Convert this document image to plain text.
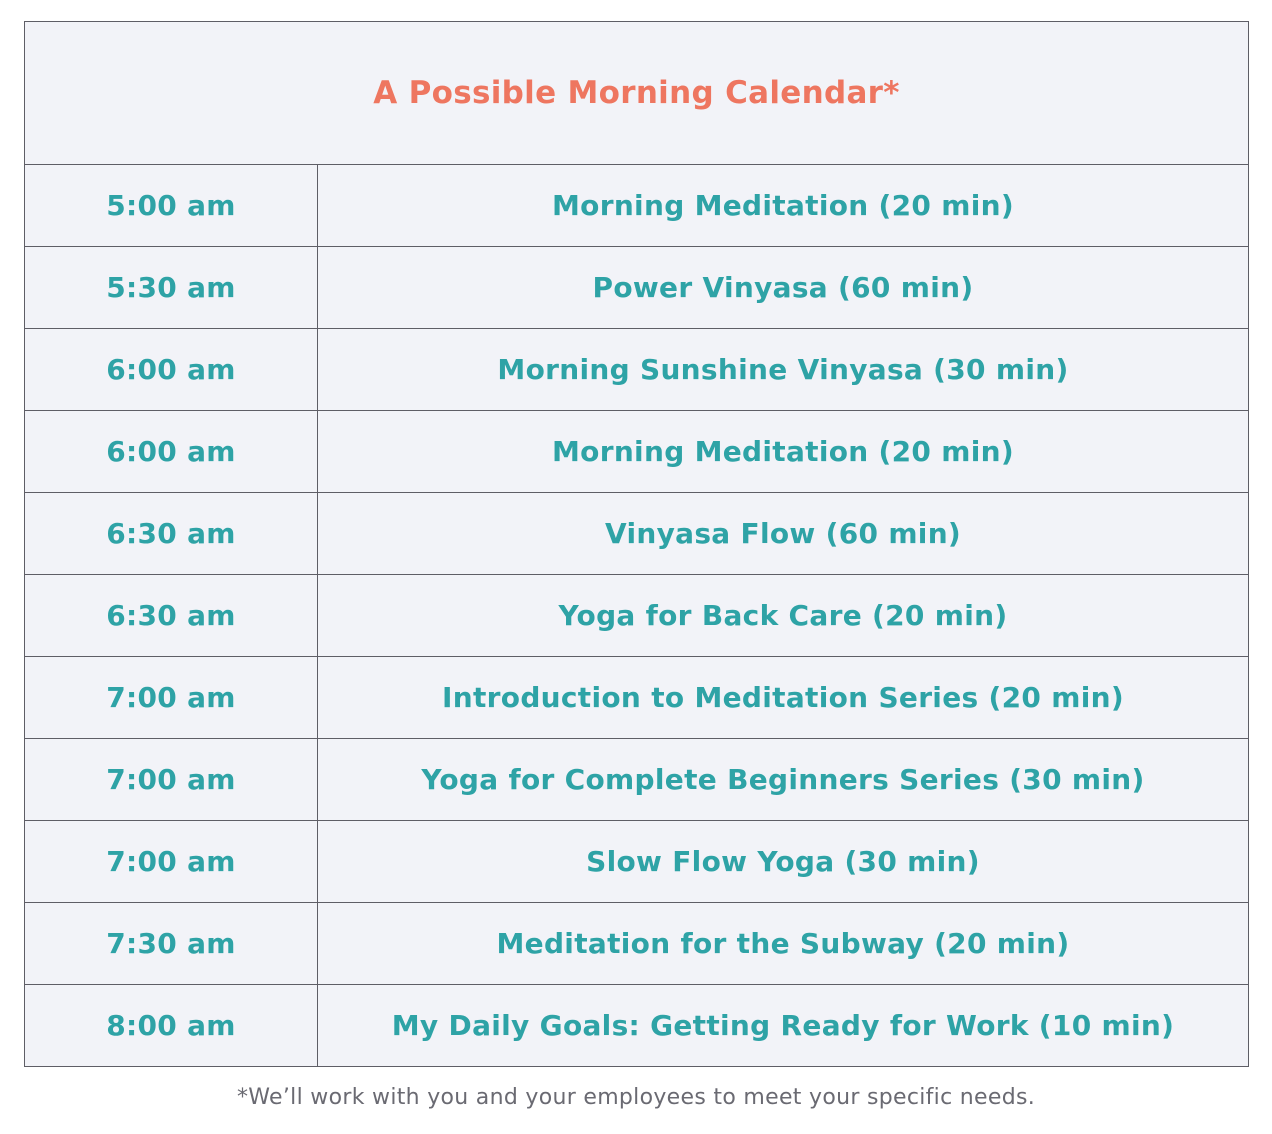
A Possible Morning Calendar*	
5:00 am	Morning Meditation (20 min)
5:30 am	Power Vinyasa (60 min)
6:00 am	Morning Sunshine Vinyasa (30 min)
6:00 am	Morning Meditation (20 min)
6:30 am	Vinyasa Flow (60 min)
6:30 am	Yoga for Back Care (20 min)
7:00 am	Introduction to Meditation Series (20 min)
7:00 am	Yoga for Complete Beginners Series (30 min)
7:00 am	Slow Flow Yoga (30 min)
7:30 am	Meditation for the Subway (20 min)
8:00 am	My Daily Goals: Getting Ready for Work (10 min)
*We’ll work with you and your employees to meet your specific needs.
